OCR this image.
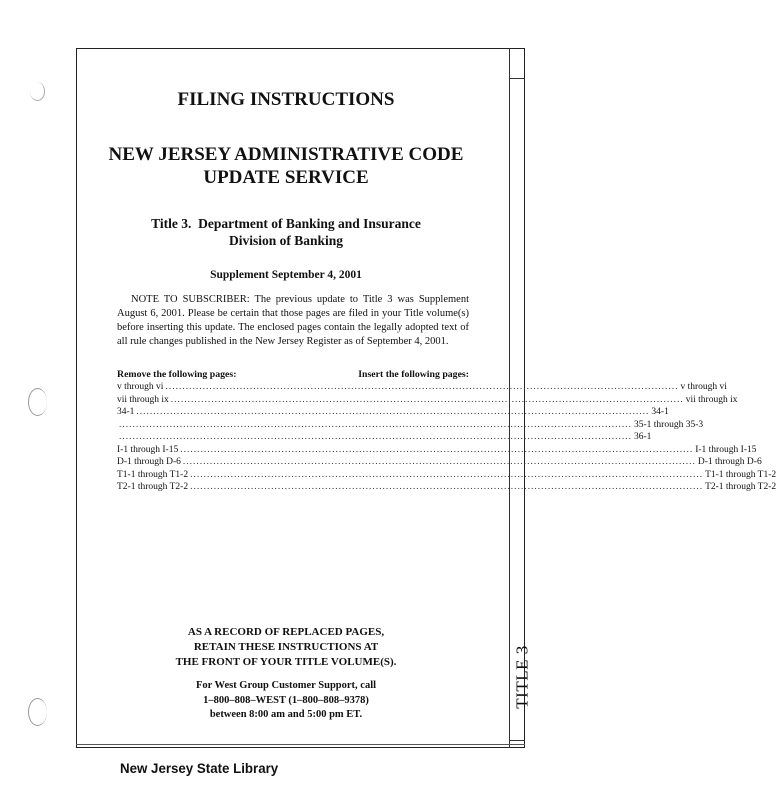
FILING INSTRUCTIONS
NEW JERSEY ADMINISTRATIVE CODE
UPDATE SERVICE
Title 3.  Department of Banking and Insurance
Division of Banking
Supplement September 4, 2001
NOTE TO SUBSCRIBER: The previous update to Title 3 was Supplement August 6, 2001. Please be certain that those pages are filed in your Title volume(s) before inserting this update. The enclosed pages contain the legally adopted text of all rule changes published in the New Jersey Register as of September 4, 2001.
Remove the following pages:	Insert the following pages:
v through vi ........................................................................................................................................................ v through vi
vii through ix ........................................................................................................................................................ vii through ix
34-1 ........................................................................................................................................................ 34-1
........................................................................................................................................................ 35-1 through 35-3
........................................................................................................................................................ 36-1
I-1 through I-15 ........................................................................................................................................................ I-1 through I-15
D-1 through D-6 ........................................................................................................................................................ D-1 through D-6
T1-1 through T1-2 ........................................................................................................................................................ T1-1 through T1-2
T2-1 through T2-2 ........................................................................................................................................................ T2-1 through T2-2
AS A RECORD OF REPLACED PAGES,
RETAIN THESE INSTRUCTIONS AT
THE FRONT OF YOUR TITLE VOLUME(S).
For West Group Customer Support, call
1–800–808–WEST (1–800–808–9378)
between 8:00 am and 5:00 pm ET.
TITLE 3
New Jersey State Library
